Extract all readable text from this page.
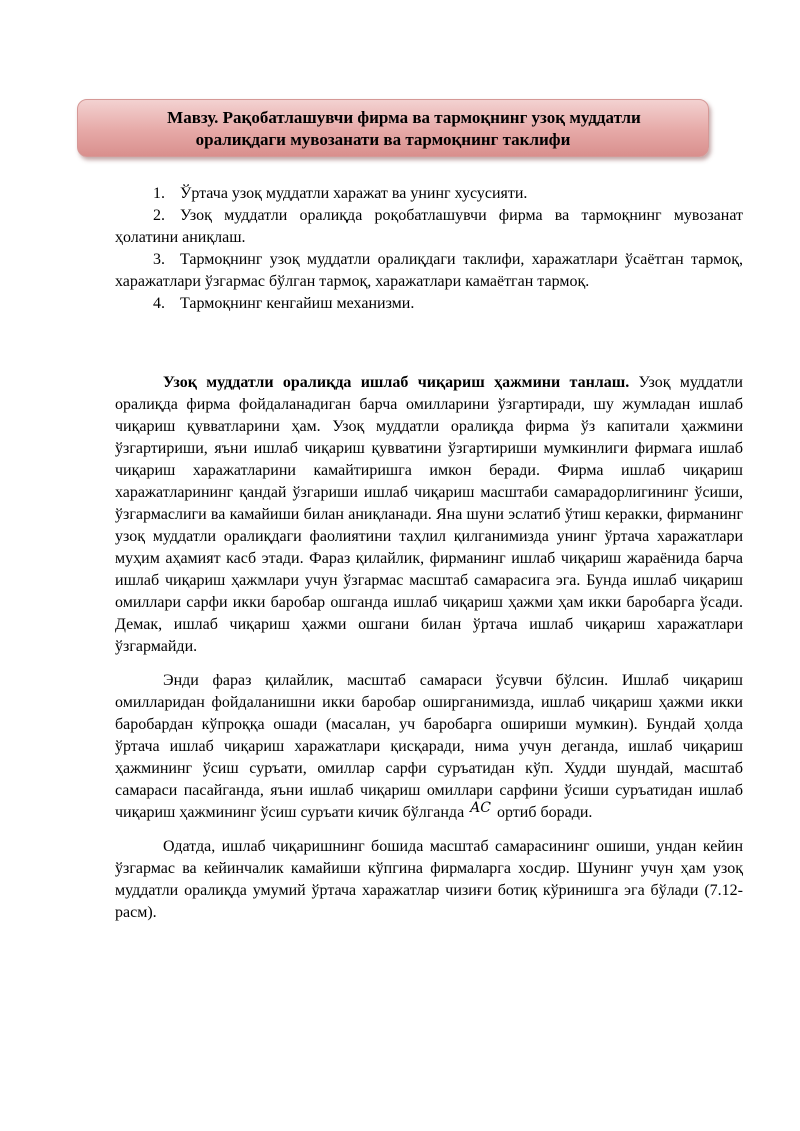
Мавзу. Рақобатлашувчи фирма ва тармоқнинг узоқ муддатли
оралиқдаги мувозанати ва тармоқнинг таклифи

1. Ўртача узоқ муддатли харажат ва унинг хусусияти.

2. Узоқ муддатли оралиқда роқобатлашувчи фирма ва тармоқнинг мувозанат ҳолатини аниқлаш.

3. Тармоқнинг узоқ муддатли оралиқдаги таклифи, харажатлари ўсаётган тармоқ, харажатлари ўзгармас бўлган тармоқ, харажатлари камаётган тармоқ.

4. Тармоқнинг кенгайиш механизми.

Узоқ муддатли оралиқда ишлаб чиқариш ҳажмини танлаш. Узоқ муддатли оралиқда фирма фойдаланадиган барча омилларини ўзгартиради, шу жумладан ишлаб чиқариш қувватларини ҳам. Узоқ муддатли оралиқда фирма ўз капитали ҳажмини ўзгартириши, яъни ишлаб чиқариш қувватини ўзгартириши мумкинлиги фирмага ишлаб чиқариш харажатларини камайтиришга имкон беради. Фирма ишлаб чиқариш харажатларининг қандай ўзгариши ишлаб чиқариш масштаби самарадорлигининг ўсиши, ўзгармаслиги ва камайиши билан аниқланади. Яна шуни эслатиб ўтиш керакки, фирманинг узоқ муддатли оралиқдаги фаолиятини таҳлил қилганимизда унинг ўртача харажатлари муҳим аҳамият касб этади. Фараз қилайлик, фирманинг ишлаб чиқариш жараёнида барча ишлаб чиқариш ҳажмлари учун ўзгармас масштаб самарасига эга. Бунда ишлаб чиқариш омиллари сарфи икки баробар ошганда ишлаб чиқариш ҳажми ҳам икки баробарга ўсади. Демак, ишлаб чиқариш ҳажми ошгани билан ўртача ишлаб чиқариш харажатлари ўзгармайди.

Энди фараз қилайлик, масштаб самараси ўсувчи бўлсин. Ишлаб чиқариш омилларидан фойдаланишни икки баробар оширганимизда, ишлаб чиқариш ҳажми икки баробардан кўпроққа ошади (масалан, уч баробарга ошириши мумкин). Бундай ҳолда ўртача ишлаб чиқариш харажатлари қисқаради, нима учун деганда, ишлаб чиқариш ҳажмининг ўсиш суръати, омиллар сарфи суръатидан кўп. Худди шундай, масштаб самараси пасайганда, яъни ишлаб чиқариш омиллари сарфини ўсиши суръатидан ишлаб чиқариш ҳажмининг ўсиш суръати кичик бўлганда AC ортиб боради.

Одатда, ишлаб чиқаришнинг бошида масштаб самарасининг ошиши, ундан кейин ўзгармас ва кейинчалик камайиши кўпгина фирмаларга хосдир. Шунинг учун ҳам узоқ муддатли оралиқда умумий ўртача харажатлар чизиғи ботиқ кўринишга эга бўлади (7.12-расм).
